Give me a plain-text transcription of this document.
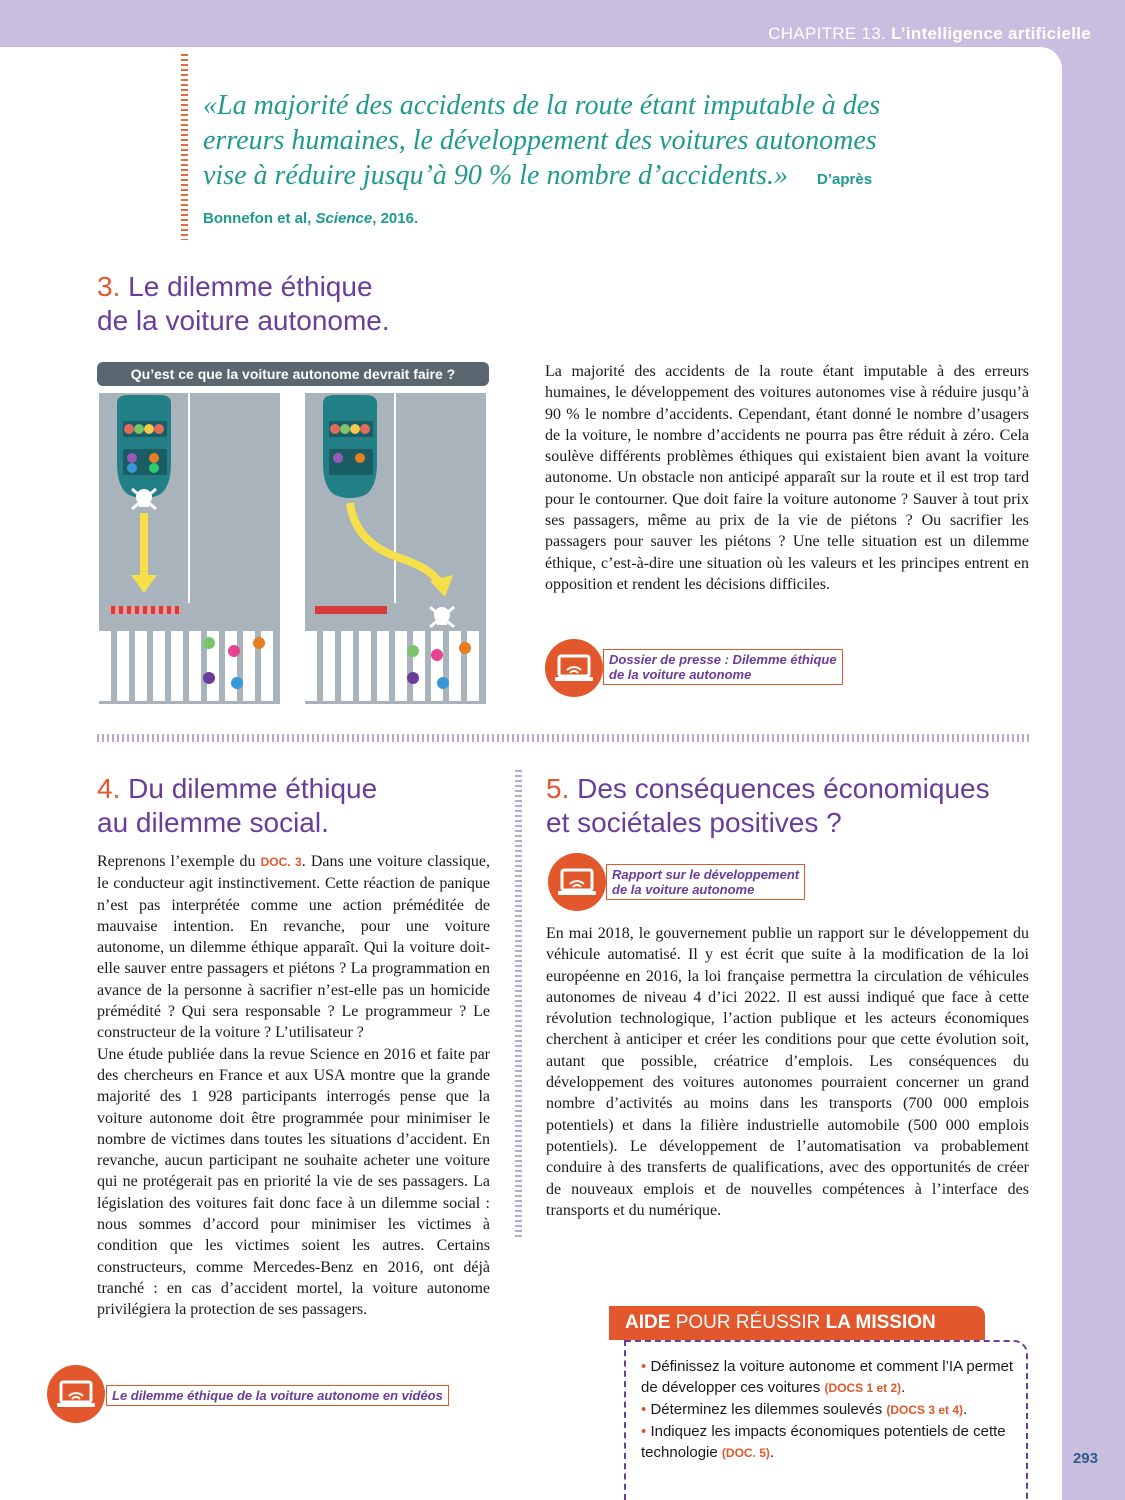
CHAPITRE 13. L’intelligence artificielle
«La majorité des accidents de la route étant imputable à des erreurs humaines, le développement des voitures autonomes vise à réduire jusqu’à 90 % le nombre d’accidents.» D’après Bonnefon et al, Science, 2016.
3. Le dilemme éthique
de la voiture autonome.
Qu’est ce que la voiture autonome devrait faire ?	La majorité des accidents de la route étant imputable à des erreurs humaines, le développement des voitures autonomes vise à réduire jusqu’à 90 % le nombre d’accidents. Cependant, étant donné le nombre d’usagers de la voiture, le nombre d’accidents ne pourra pas être réduit à zéro. Cela soulève différents problèmes éthiques qui existaient bien avant la voiture autonome. Un obstacle non anticipé apparaît sur la route et il est trop tard pour le contourner. Que doit faire la voiture autonome ? Sauver à tout prix ses passagers, même au prix de la vie de piétons ? Ou sacrifier les passagers pour sauver les piétons ? Une telle situation est un dilemme éthique, c’est-à-dire une situation où les valeurs et les principes entrent en opposition et rendent les décisions difficiles.

Dossier de presse : Dilemme éthique
de la voiture autonome
4. Du dilemme éthique
au dilemme social.

Reprenons l’exemple du DOC. 3. Dans une voiture classique, le conducteur agit instinctivement. Cette réaction de panique n’est pas interprétée comme une action préméditée de mauvaise intention. En revanche, pour une voiture autonome, un dilemme éthique apparaît. Qui la voiture doit-elle sauver entre passagers et piétons ? La programmation en avance de la personne à sacrifier n’est-elle pas un homicide prémédité ? Qui sera responsable ? Le programmeur ? Le constructeur de la voiture ? L’utilisateur ?

Une étude publiée dans la revue Science en 2016 et faite par des chercheurs en France et aux USA montre que la grande majorité des 1 928 participants interrogés pense que la voiture autonome doit être programmée pour minimiser le nombre de victimes dans toutes les situations d’accident. En revanche, aucun participant ne souhaite acheter une voiture qui ne protégerait pas en priorité la vie de ses passagers. La législation des voitures fait donc face à un dilemme social : nous sommes d’accord pour minimiser les victimes à condition que les victimes soient les autres. Certains constructeurs, comme Mercedes-Benz en 2016, ont déjà tranché : en cas d’accident mortel, la voiture autonome privilégiera la protection de ses passagers.

Le dilemme éthique de la voiture autonome en vidéos
5. Des conséquences économiques
et sociétales positives ?
Rapport sur le développement
de la voiture autonome

En mai 2018, le gouvernement publie un rapport sur le développement du véhicule automatisé. Il y est écrit que suite à la modification de la loi européenne en 2016, la loi française permettra la circulation de véhicules autonomes de niveau 4 d’ici 2022. Il est aussi indiqué que face à cette révolution technologique, l’action publique et les acteurs économiques cherchent à anticiper et créer les conditions pour que cette évolution soit, autant que possible, créatrice d’emplois. Les conséquences du développement des voitures autonomes pourraient concerner un grand nombre d’activités au moins dans les transports (700 000 emplois potentiels) et dans la filière industrielle automobile (500 000 emplois potentiels). Le développement de l’automatisation va probablement conduire à des transferts de qualifications, avec des opportunités de créer de nouveaux emplois et de nouvelles compétences à l’interface des transports et du numérique.

AIDE POUR RÉUSSIR LA MISSION
• Définissez la voiture autonome et comment l’IA permet de développer ces voitures (DOCS 1 et 2).
• Déterminez les dilemmes soulevés (DOCS 3 et 4).
• Indiquez les impacts économiques potentiels de cette technologie (DOC. 5).	293
